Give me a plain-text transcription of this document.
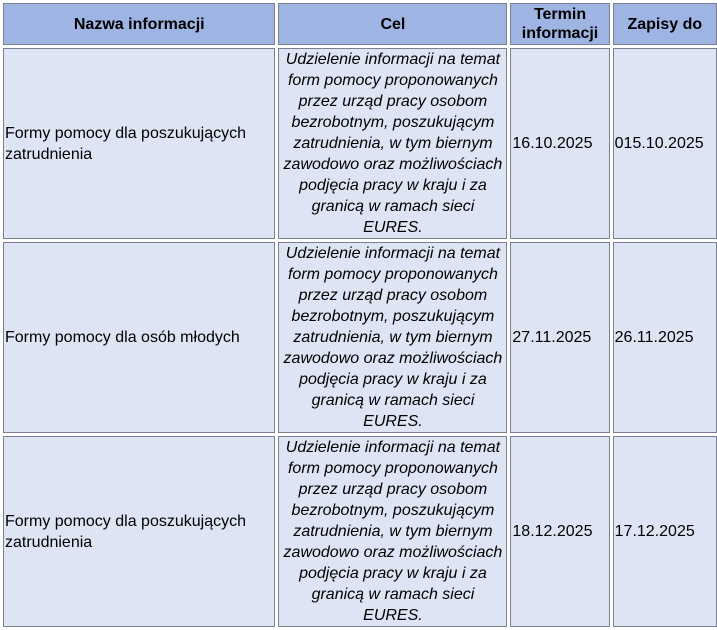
Nazwa informacji	Cel	Termin informacji	Zapisy do
Formy pomocy dla poszukujących zatrudnienia	Udzielenie informacji na temat form pomocy proponowanych przez urząd pracy osobom bezrobotnym, poszukującym zatrudnienia, w tym biernym zawodowo oraz możliwościach podjęcia pracy w kraju i za granicą w ramach sieci EURES.	16.10.2025	015.10.2025
Formy pomocy dla osób młodych	Udzielenie informacji na temat form pomocy proponowanych przez urząd pracy osobom bezrobotnym, poszukującym zatrudnienia, w tym biernym zawodowo oraz możliwościach podjęcia pracy w kraju i za granicą w ramach sieci EURES.	27.11.2025	26.11.2025
Formy pomocy dla poszukujących zatrudnienia	Udzielenie informacji na temat form pomocy proponowanych przez urząd pracy osobom bezrobotnym, poszukującym zatrudnienia, w tym biernym zawodowo oraz możliwościach podjęcia pracy w kraju i za granicą w ramach sieci EURES.	18.12.2025	17.12.2025
